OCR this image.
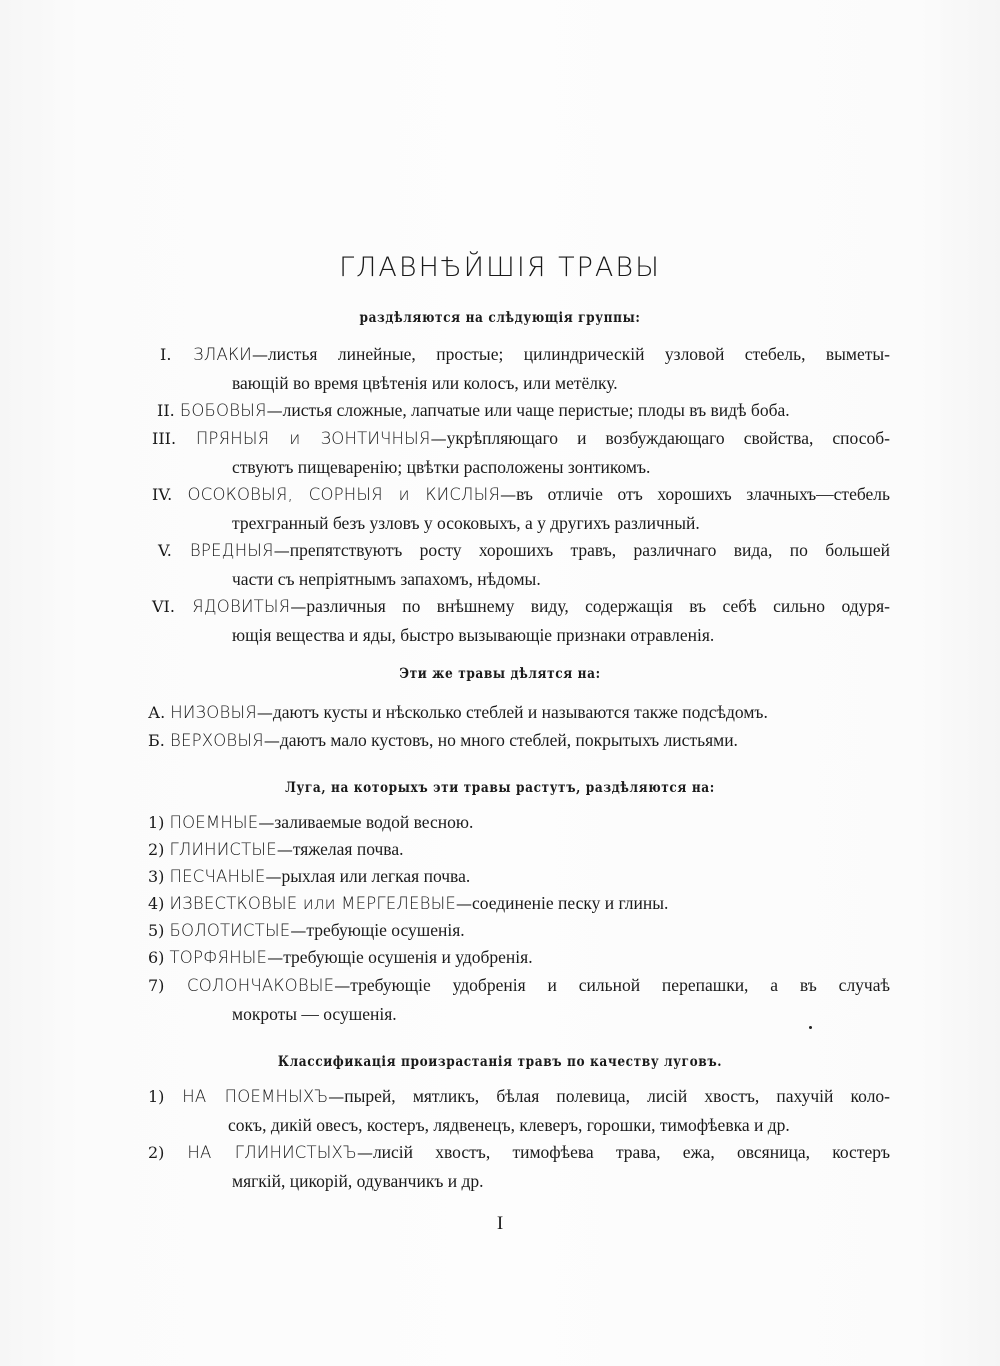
ГЛАВНѢЙШІЯ ТРАВЫ
раздѣляются на слѣдующія группы:
I. ЗЛАКИ—листья линейные, простые; цилиндрическій узловой стебель, выметы-
вающій во время цвѣтенія или колосъ, или метёлку.
II. БОБОВЫЯ—листья сложные, лапчатые или чаще перистые; плоды въ видѣ боба.
III. ПРЯНЫЯ и ЗОНТИЧНЫЯ—укрѣпляющаго и возбуждающаго свойства, способ-
ствуютъ пищеваренію; цвѣтки расположены зонтикомъ.
IV. ОСОКОВЫЯ, СОРНЫЯ и КИСЛЫЯ—въ отличіе отъ хорошихъ злачныхъ—стебель
трехгранный безъ узловъ у осоковыхъ, а у другихъ различный.
V. ВРЕДНЫЯ—препятствуютъ росту хорошихъ травъ, различнаго вида, по большей
части съ непріятнымъ запахомъ, нѣдомы.
VI. ЯДОВИТЫЯ—различныя по внѣшнему виду, содержащія въ себѣ сильно одуря-
ющія вещества и яды, быстро вызывающіе признаки отравленія.
Эти же травы дѣлятся на:
А. НИЗОВЫЯ—даютъ кусты и нѣсколько стеблей и называются также подсѣдомъ.
Б. ВЕРХОВЫЯ—даютъ мало кустовъ, но много стеблей, покрытыхъ листьями.
Луга, на которыхъ эти травы растутъ, раздѣляются на:
1) ПОЕМНЫЕ—заливаемые водой весною.
2) ГЛИНИСТЫЕ—тяжелая почва.
3) ПЕСЧАНЫЕ—рыхлая или легкая почва.
4) ИЗВЕСТКОВЫЕ или МЕРГЕЛЕВЫЕ—соединеніе песку и глины.
5) БОЛОТИСТЫЕ—требующіе осушенія.
6) ТОРФЯНЫЕ—требующіе осушенія и удобренія.
7) СОЛОНЧАКОВЫЕ—требующіе удобренія и сильной перепашки, а въ случаѣ
мокроты — осушенія.
Классификація произрастанія травъ по качеству луговъ.
1) НА ПОЕМНЫХЪ—пырей, мятликъ, бѣлая полевица, лисій хвостъ, пахучій коло-
сокъ, дикій овесъ, костеръ, лядвенецъ, клеверъ, горошки, тимофѣевка и др.
2) НА ГЛИНИСТЫХЪ—лисій хвостъ, тимофѣева трава, ежа, овсяница, костеръ
мягкій, цикорій, одуванчикъ и др.
I
